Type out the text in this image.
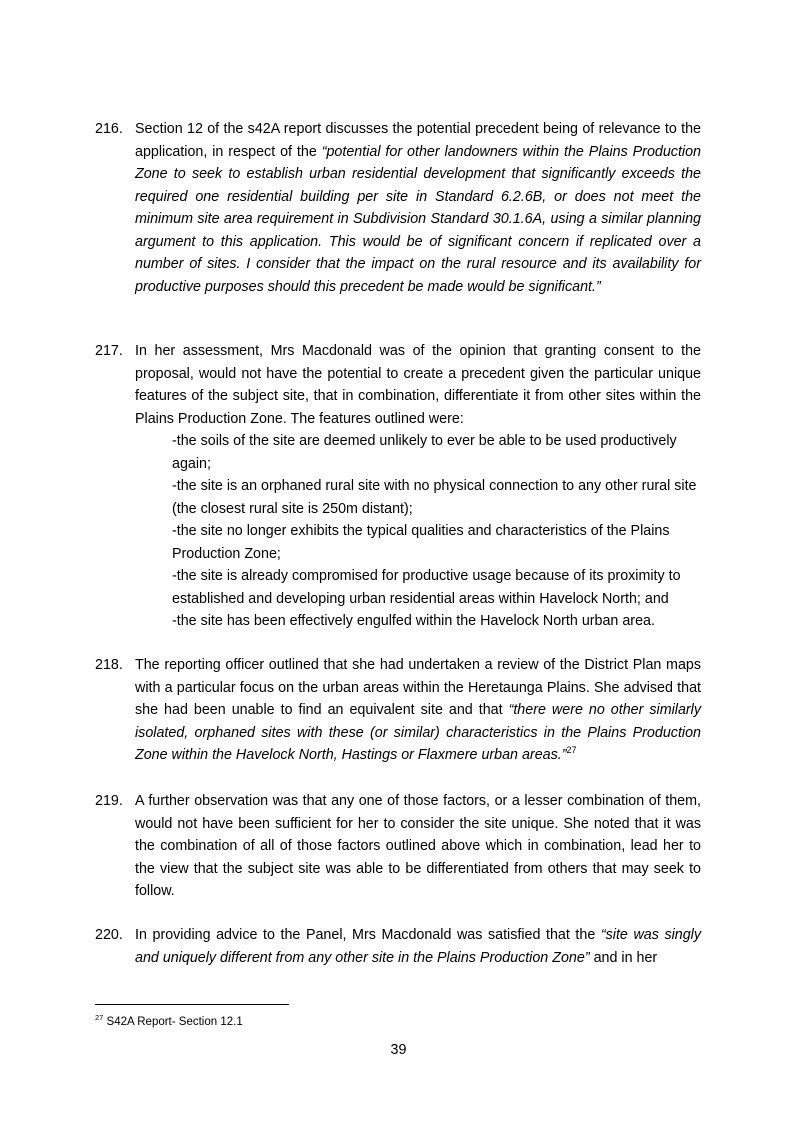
216. Section 12 of the s42A report discusses the potential precedent being of relevance to the application, in respect of the “potential for other landowners within the Plains Production Zone to seek to establish urban residential development that significantly exceeds the required one residential building per site in Standard 6.2.6B, or does not meet the minimum site area requirement in Subdivision Standard 30.1.6A, using a similar planning argument to this application. This would be of significant concern if replicated over a number of sites. I consider that the impact on the rural resource and its availability for productive purposes should this precedent be made would be significant.”
217. In her assessment, Mrs Macdonald was of the opinion that granting consent to the proposal, would not have the potential to create a precedent given the particular unique features of the subject site, that in combination, differentiate it from other sites within the Plains Production Zone. The features outlined were:
-the soils of the site are deemed unlikely to ever be able to be used productively again;
-the site is an orphaned rural site with no physical connection to any other rural site (the closest rural site is 250m distant);
-the site no longer exhibits the typical qualities and characteristics of the Plains Production Zone;
-the site is already compromised for productive usage because of its proximity to established and developing urban residential areas within Havelock North; and
-the site has been effectively engulfed within the Havelock North urban area.
218. The reporting officer outlined that she had undertaken a review of the District Plan maps with a particular focus on the urban areas within the Heretaunga Plains. She advised that she had been unable to find an equivalent site and that “there were no other similarly isolated, orphaned sites with these (or similar) characteristics in the Plains Production Zone within the Havelock North, Hastings or Flaxmere urban areas.”$^{27}$
219. A further observation was that any one of those factors, or a lesser combination of them, would not have been sufficient for her to consider the site unique. She noted that it was the combination of all of those factors outlined above which in combination, lead her to the view that the subject site was able to be differentiated from others that may seek to follow.
220. In providing advice to the Panel, Mrs Macdonald was satisfied that the “site was singly and uniquely different from any other site in the Plains Production Zone” and in her
$^{27}$ S42A Report- Section 12.1
39
